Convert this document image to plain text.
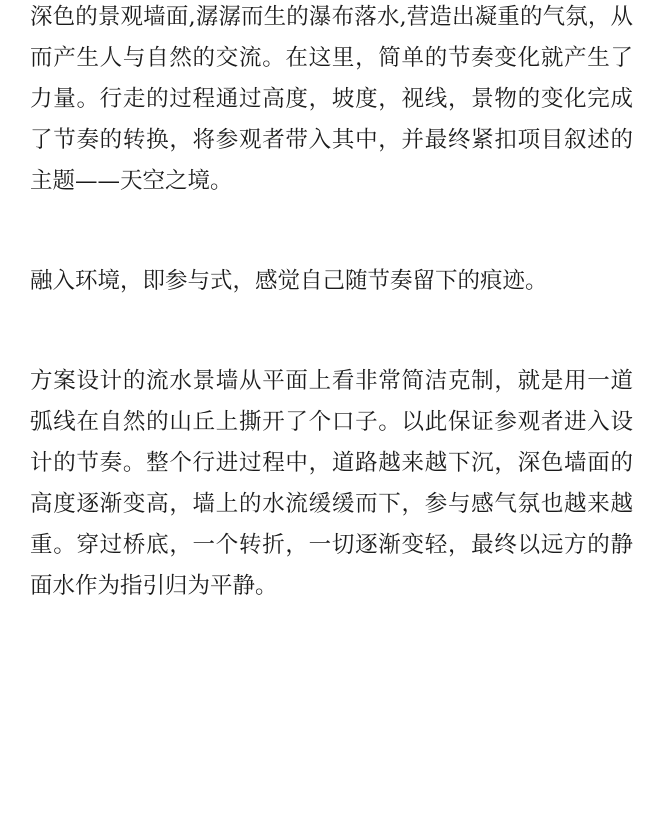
深色的景观墙面,潺潺而生的瀑布落水,营造出凝重的气氛，从而产生人与自然的交流。在这里，简单的节奏变化就产生了力量。行走的过程通过高度，坡度，视线，景物的变化完成了节奏的转换，将参观者带入其中，并最终紧扣项目叙述的主题——天空之境。

融入环境，即参与式，感觉自己随节奏留下的痕迹。

方案设计的流水景墙从平面上看非常简洁克制，就是用一道弧线在自然的山丘上撕开了个口子。以此保证参观者进入设计的节奏。整个行进过程中，道路越来越下沉，深色墙面的高度逐渐变高，墙上的水流缓缓而下，参与感气氛也越来越重。穿过桥底，一个转折，一切逐渐变轻，最终以远方的静面水作为指引归为平静。
